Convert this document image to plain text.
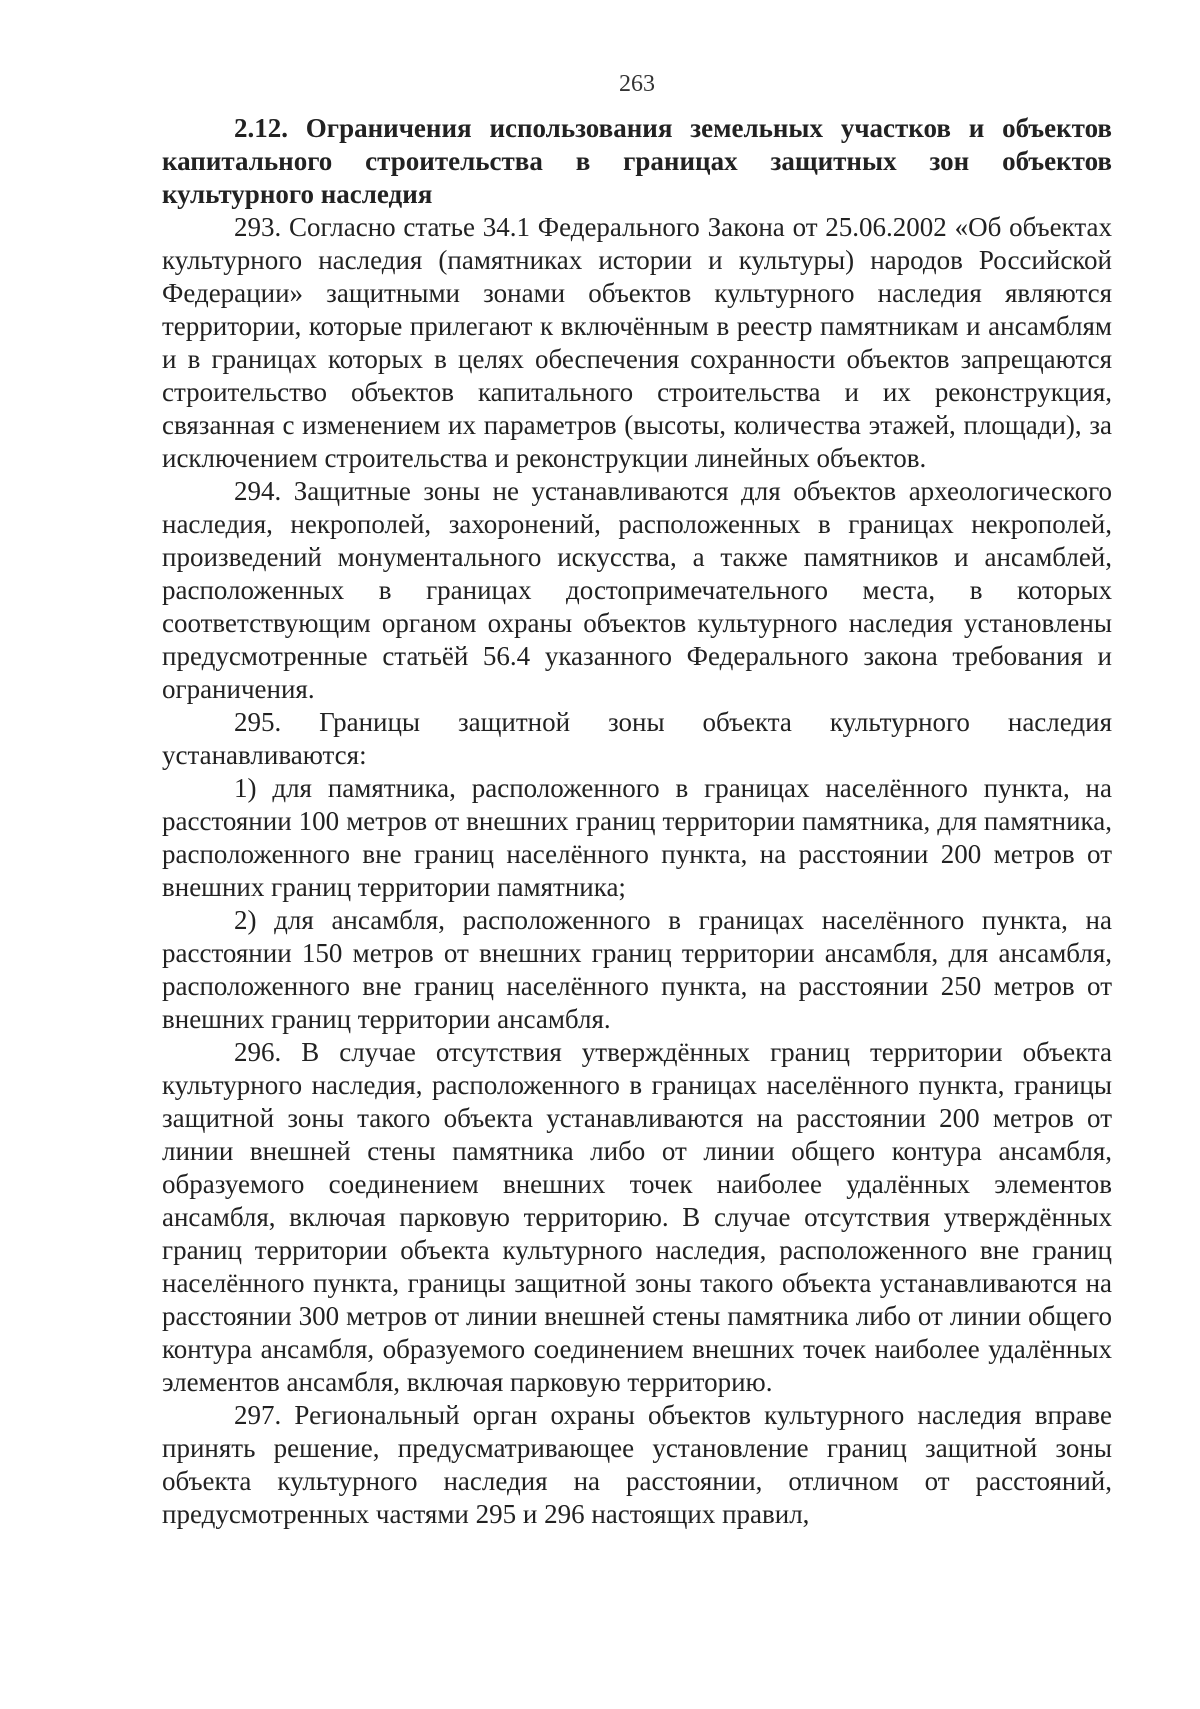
263

2.12. Ограничения использования земельных участков и объектов капитального строительства в границах защитных зон объектов культурного наследия

293. Согласно статье 34.1 Федерального Закона от 25.06.2002 «Об объектах культурного наследия (памятниках истории и культуры) народов Российской Федерации» защитными зонами объектов культурного наследия являются территории, которые прилегают к включённым в реестр памятникам и ансамблям и в границах которых в целях обеспечения сохранности объектов запрещаются строительство объектов капитального строительства и их реконструкция, связанная с изменением их параметров (высоты, количества этажей, площади), за исключением строительства и реконструкции линейных объектов.

294. Защитные зоны не устанавливаются для объектов археологического наследия, некрополей, захоронений, расположенных в границах некрополей, произведений монументального искусства, а также памятников и ансамблей, расположенных в границах достопримечательного места, в которых соответствующим органом охраны объектов культурного наследия установлены предусмотренные статьёй 56.4 указанного Федерального закона требования и ограничения.

295. Границы защитной зоны объекта культурного наследия устанавливаются:

1) для памятника, расположенного в границах населённого пункта, на расстоянии 100 метров от внешних границ территории памятника, для памятника, расположенного вне границ населённого пункта, на расстоянии 200 метров от внешних границ территории памятника;

2) для ансамбля, расположенного в границах населённого пункта, на расстоянии 150 метров от внешних границ территории ансамбля, для ансамбля, расположенного вне границ населённого пункта, на расстоянии 250 метров от внешних границ территории ансамбля.

296. В случае отсутствия утверждённых границ территории объекта культурного наследия, расположенного в границах населённого пункта, границы защитной зоны такого объекта устанавливаются на расстоянии 200 метров от линии внешней стены памятника либо от линии общего контура ансамбля, образуемого соединением внешних точек наиболее удалённых элементов ансамбля, включая парковую территорию. В случае отсутствия утверждённых границ территории объекта культурного наследия, расположенного вне границ населённого пункта, границы защитной зоны такого объекта устанавливаются на расстоянии 300 метров от линии внешней стены памятника либо от линии общего контура ансамбля, образуемого соединением внешних точек наиболее удалённых элементов ансамбля, включая парковую территорию.

297. Региональный орган охраны объектов культурного наследия вправе принять решение, предусматривающее установление границ защитной зоны объекта культурного наследия на расстоянии, отличном от расстояний, предусмотренных частями 295 и 296 настоящих правил,
